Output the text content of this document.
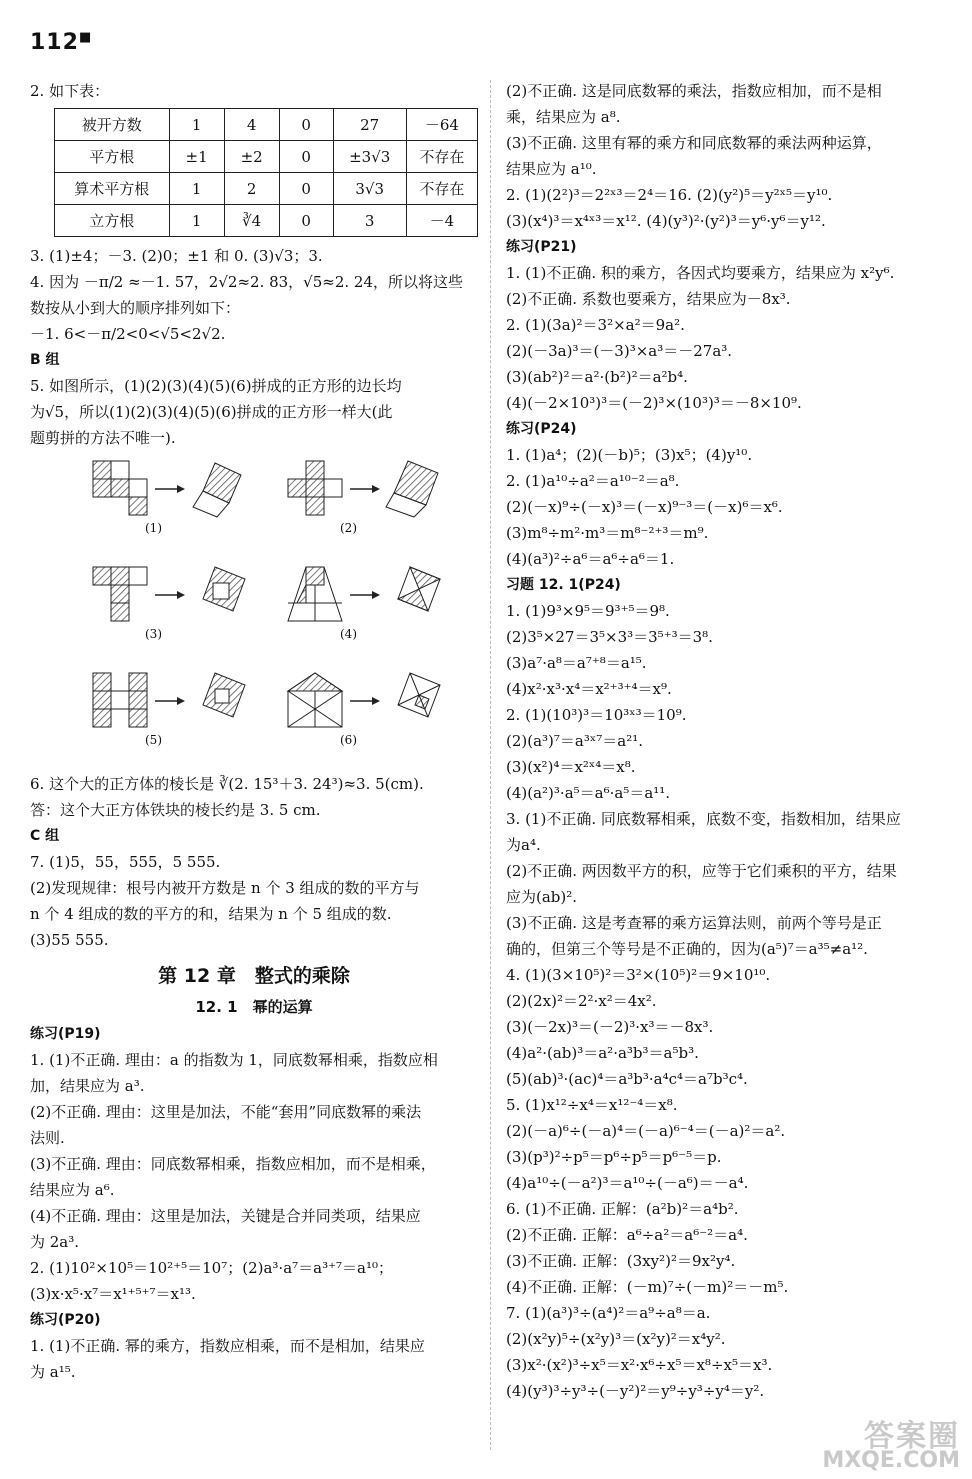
112■
2. 如下表：
被开方数	1	4	0	27	－64
平方根	±1	±2	0	±3√3	不存在
算术平方根	1	2	0	3√3	不存在
立方根	1	∛4	0	3	－4
3. (1)±4；－3. (2)0；±1 和 0. (3)√3；3.
4. 因为 －π/2 ≈－1. 57，2√2≈2. 83，√5≈2. 24，所以将这些
数按从小到大的顺序排列如下：
－1. 6<－π/2<0<√5<2√2.
B 组
5. 如图所示，(1)(2)(3)(4)(5)(6)拼成的正方形的边长均
为√5，所以(1)(2)(3)(4)(5)(6)拼成的正方形一样大(此
题剪拼的方法不唯一).
(1)	(2)
(3)	(4)
(5)	(6)
6. 这个大的正方体的棱长是 ∛(2. 15³＋3. 24³)≈3. 5(cm).
答：这个大正方体铁块的棱长约是 3. 5 cm.
C 组
7. (1)5，55，555，5 555.
(2)发现规律：根号内被开方数是 n 个 3 组成的数的平方与
n 个 4 组成的数的平方的和，结果为 n 个 5 组成的数.
(3)55 555.
第 12 章　整式的乘除
12. 1　幂的运算
练习(P19)
1. (1)不正确. 理由：a 的指数为 1，同底数幂相乘，指数应相
加，结果应为 a³.
(2)不正确. 理由：这里是加法，不能“套用”同底数幂的乘法
法则.
(3)不正确. 理由：同底数幂相乘，指数应相加，而不是相乘，
结果应为 a⁶.
(4)不正确. 理由：这里是加法，关键是合并同类项，结果应
为 2a³.
2. (1)10²×10⁵＝10²⁺⁵＝10⁷；(2)a³·a⁷＝a³⁺⁷＝a¹⁰；
(3)x·x⁵·x⁷＝x¹⁺⁵⁺⁷＝x¹³.
练习(P20)
1. (1)不正确. 幂的乘方，指数应相乘，而不是相加，结果应
为 a¹⁵.
(2)不正确. 这是同底数幂的乘法，指数应相加，而不是相
乘，结果应为 a⁸.
(3)不正确. 这里有幂的乘方和同底数幂的乘法两种运算，
结果应为 a¹⁰.
2. (1)(2²)³＝2²ˣ³＝2⁴＝16. (2)(y²)⁵＝y²ˣ⁵＝y¹⁰.
(3)(x⁴)³＝x⁴ˣ³＝x¹². (4)(y³)²·(y²)³＝y⁶·y⁶＝y¹².
练习(P21)
1. (1)不正确. 积的乘方，各因式均要乘方，结果应为 x²y⁶.
(2)不正确. 系数也要乘方，结果应为－8x³.
2. (1)(3a)²＝3²×a²＝9a².
(2)(－3a)³＝(－3)³×a³＝－27a³.
(3)(ab²)²＝a²·(b²)²＝a²b⁴.
(4)(－2×10³)³＝(－2)³×(10³)³＝－8×10⁹.
练习(P24)
1. (1)a⁴；(2)(－b)⁵；(3)x⁵；(4)y¹⁰.
2. (1)a¹⁰÷a²＝a¹⁰⁻²＝a⁸.
(2)(－x)⁹÷(－x)³＝(－x)⁹⁻³＝(－x)⁶＝x⁶.
(3)m⁸÷m²·m³＝m⁸⁻²⁺³＝m⁹.
(4)(a³)²÷a⁶＝a⁶÷a⁶＝1.
习题 12. 1(P24)
1. (1)9³×9⁵＝9³⁺⁵＝9⁸.
(2)3⁵×27＝3⁵×3³＝3⁵⁺³＝3⁸.
(3)a⁷·a⁸＝a⁷⁺⁸＝a¹⁵.
(4)x²·x³·x⁴＝x²⁺³⁺⁴＝x⁹.
2. (1)(10³)³＝10³ˣ³＝10⁹.
(2)(a³)⁷＝a³ˣ⁷＝a²¹.
(3)(x²)⁴＝x²ˣ⁴＝x⁸.
(4)(a²)³·a⁵＝a⁶·a⁵＝a¹¹.
3. (1)不正确. 同底数幂相乘，底数不变，指数相加，结果应
为a⁴.
(2)不正确. 两因数平方的积，应等于它们乘积的平方，结果
应为(ab)².
(3)不正确. 这是考查幂的乘方运算法则，前两个等号是正
确的，但第三个等号是不正确的，因为(a⁵)⁷＝a³⁵≠a¹².
4. (1)(3×10⁵)²＝3²×(10⁵)²＝9×10¹⁰.
(2)(2x)²＝2²·x²＝4x².
(3)(－2x)³＝(－2)³·x³＝－8x³.
(4)a²·(ab)³＝a²·a³b³＝a⁵b³.
(5)(ab)³·(ac)⁴＝a³b³·a⁴c⁴＝a⁷b³c⁴.
5. (1)x¹²÷x⁴＝x¹²⁻⁴＝x⁸.
(2)(－a)⁶÷(－a)⁴＝(－a)⁶⁻⁴＝(－a)²＝a².
(3)(p³)²÷p⁵＝p⁶÷p⁵＝p⁶⁻⁵＝p.
(4)a¹⁰÷(－a²)³＝a¹⁰÷(－a⁶)＝－a⁴.
6. (1)不正确. 正解：(a²b)²＝a⁴b².
(2)不正确. 正解：a⁶÷a²＝a⁶⁻²＝a⁴.
(3)不正确. 正解：(3xy²)²＝9x²y⁴.
(4)不正确. 正解：(－m)⁷÷(－m)²＝－m⁵.
7. (1)(a³)³÷(a⁴)²＝a⁹÷a⁸＝a.
(2)(x²y)⁵÷(x²y)³＝(x²y)²＝x⁴y².
(3)x²·(x²)³÷x⁵＝x²·x⁶÷x⁵＝x⁸÷x⁵＝x³.
(4)(y³)³÷y³÷(－y²)²＝y⁹÷y³÷y⁴＝y².
答案圈
MXQE.COM
